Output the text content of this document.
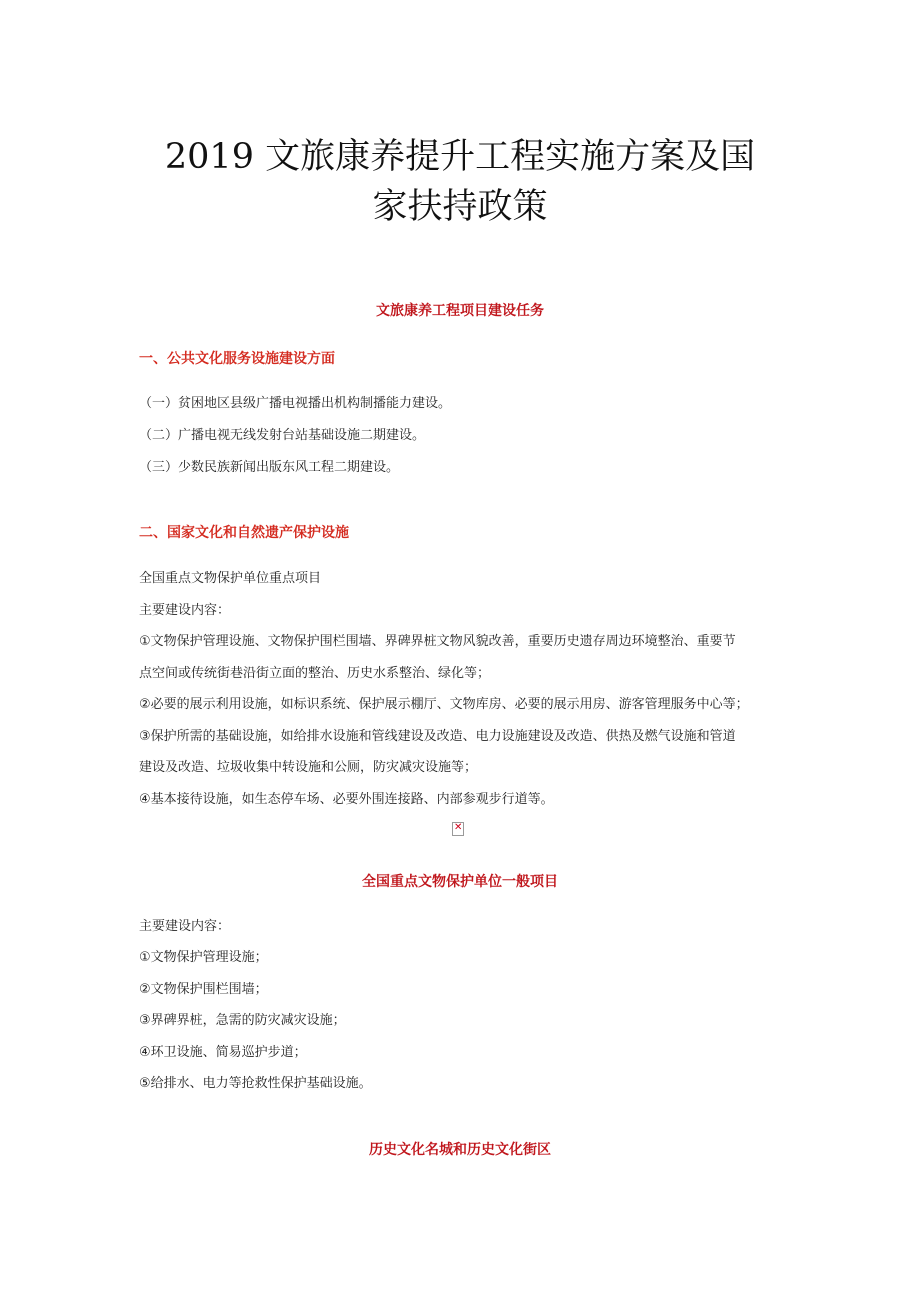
2019 文旅康养提升工程实施方案及国
家扶持政策
文旅康养工程项目建设任务
一、公共文化服务设施建设方面
（一）贫困地区县级广播电视播出机构制播能力建设。
（二）广播电视无线发射台站基础设施二期建设。
（三）少数民族新闻出版东风工程二期建设。
二、国家文化和自然遗产保护设施
全国重点文物保护单位重点项目
主要建设内容：
①文物保护管理设施、文物保护围栏围墙、界碑界桩文物风貌改善，重要历史遗存周边环境整治、重要节
点空间或传统街巷沿街立面的整治、历史水系整治、绿化等；
②必要的展示利用设施，如标识系统、保护展示棚厅、文物库房、必要的展示用房、游客管理服务中心等；
③保护所需的基础设施，如给排水设施和管线建设及改造、电力设施建设及改造、供热及燃气设施和管道
建设及改造、垃圾收集中转设施和公厕，防灾减灾设施等；
④基本接待设施，如生态停车场、必要外围连接路、内部参观步行道等。
✕
全国重点文物保护单位一般项目
主要建设内容：
①文物保护管理设施；
②文物保护围栏围墙；
③界碑界桩，急需的防灾减灾设施；
④环卫设施、简易巡护步道；
⑤给排水、电力等抢救性保护基础设施。
历史文化名城和历史文化街区
